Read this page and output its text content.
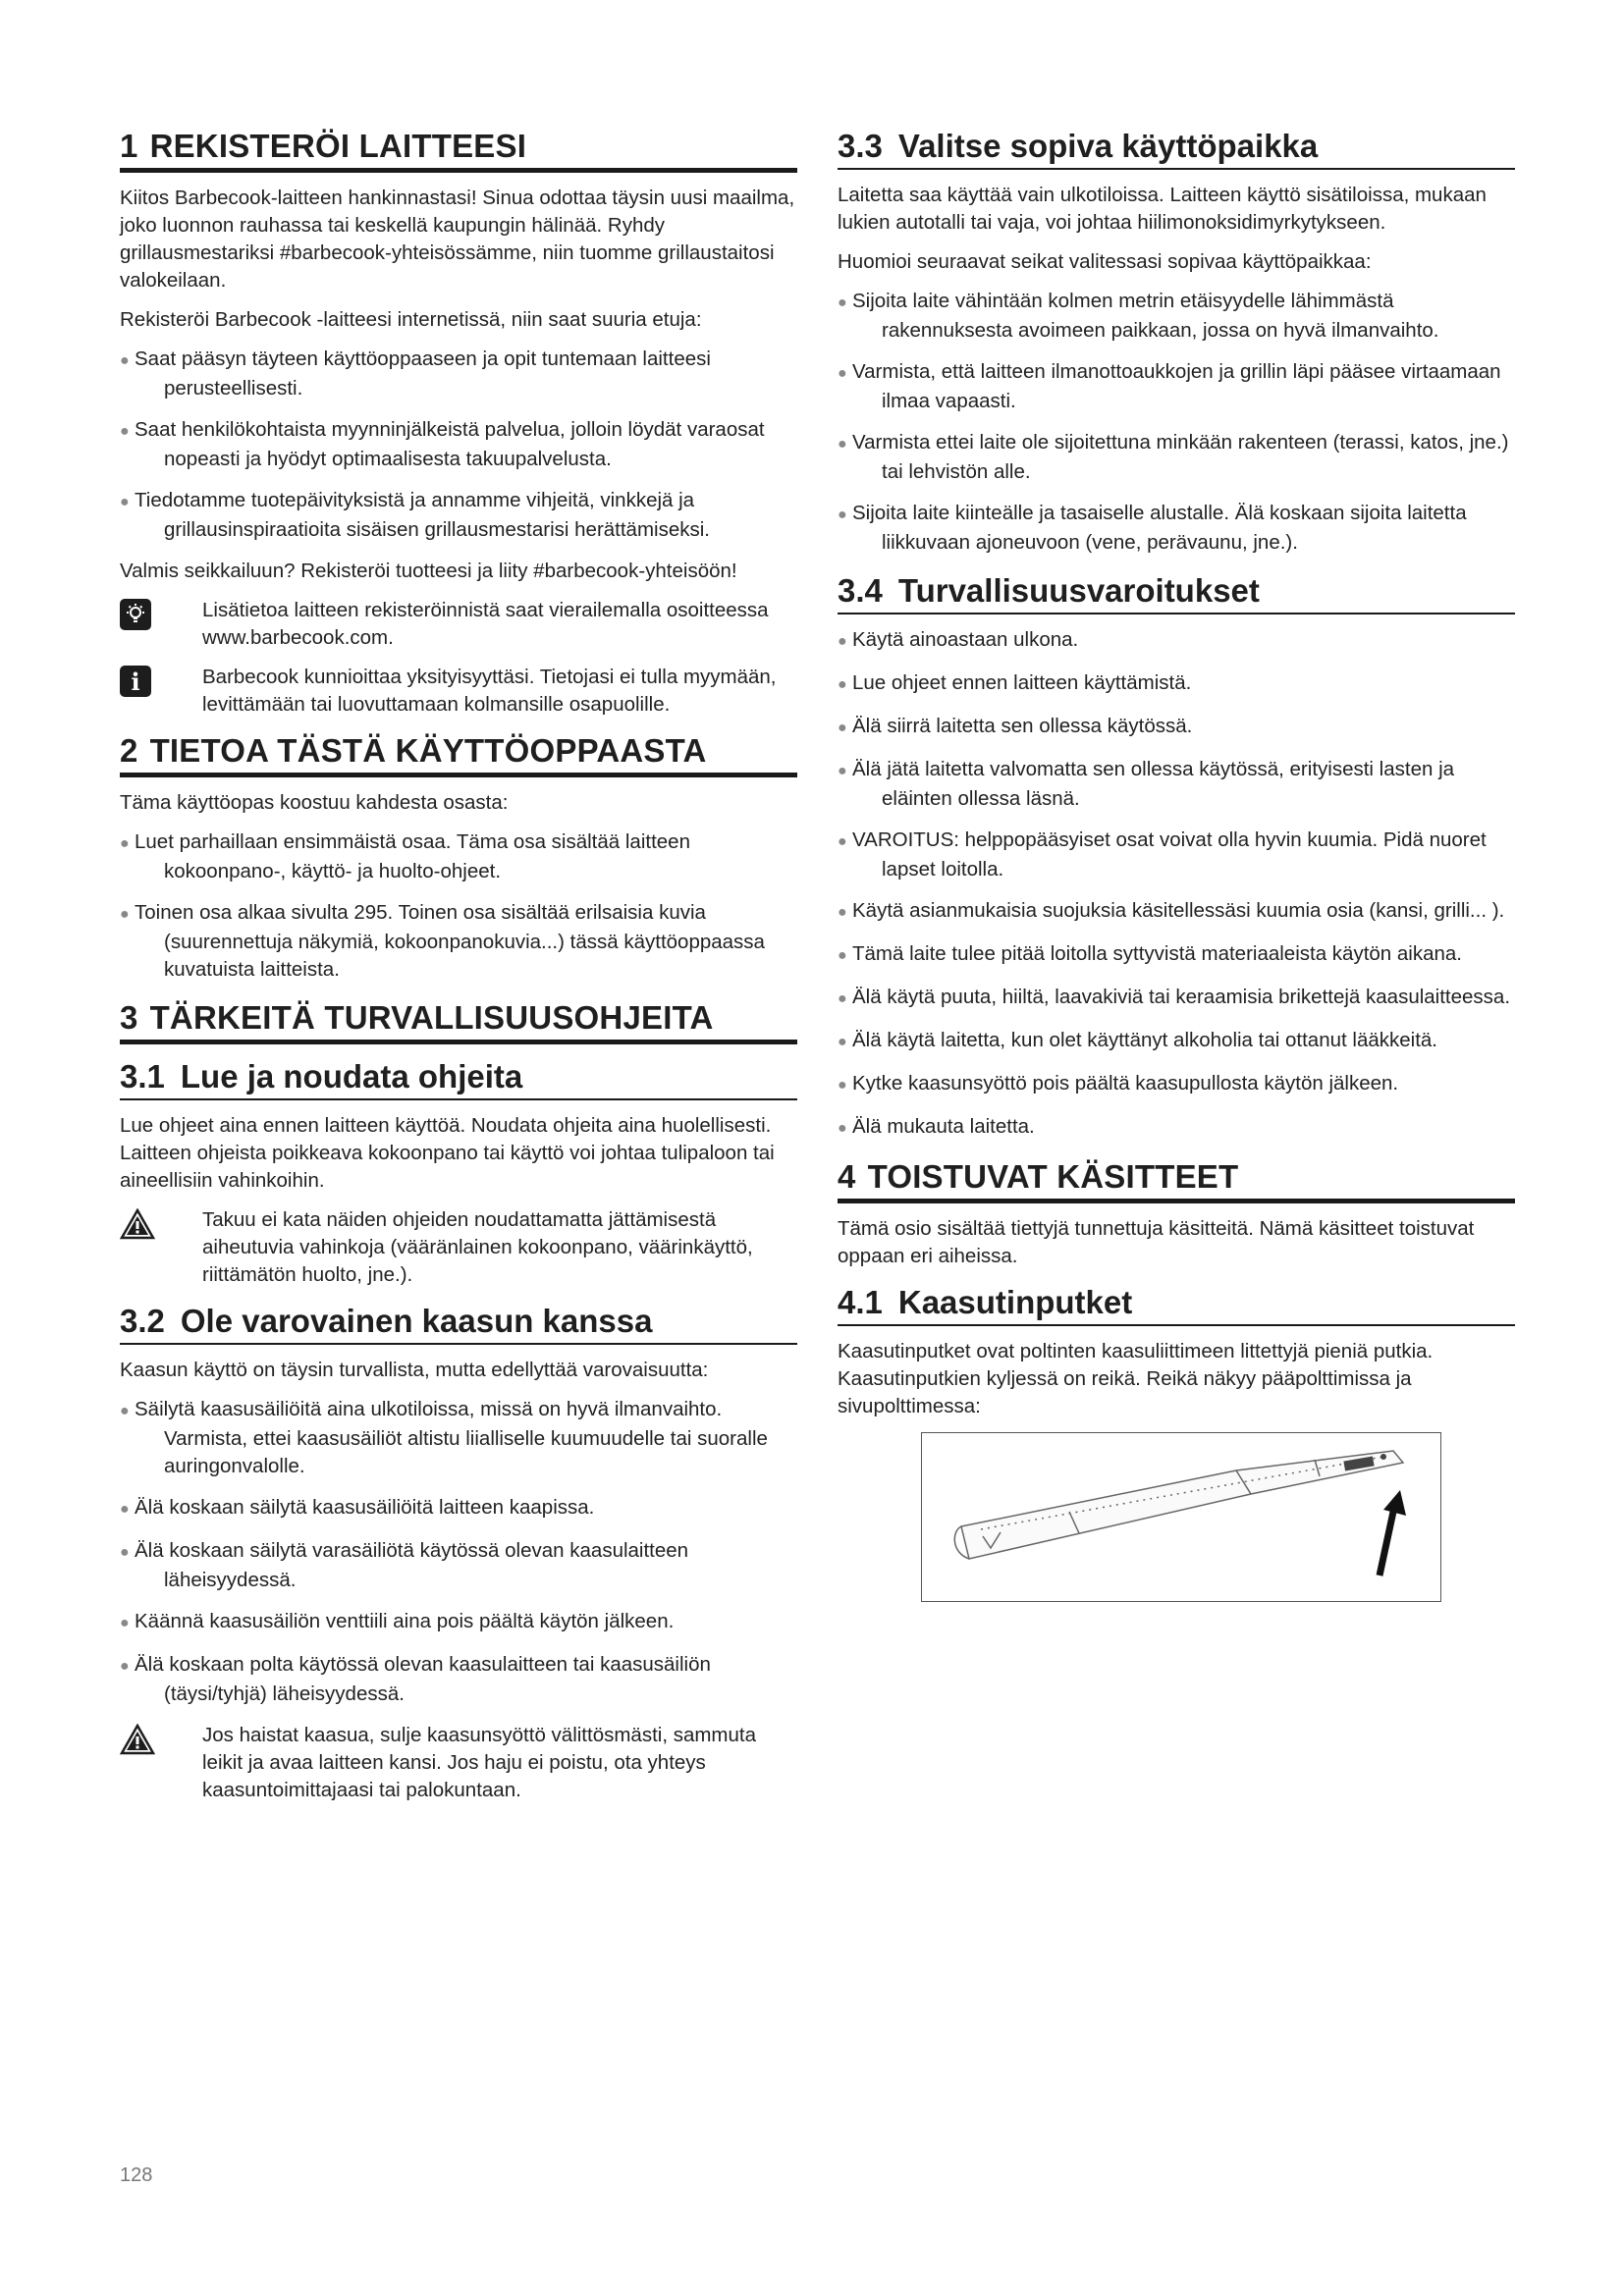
1 REKISTERÖI LAITTEESI

Kiitos Barbecook-laitteen hankinnastasi! Sinua odottaa täysin uusi maailma, joko luonnon rauhassa tai keskellä kaupungin hälinää. Ryhdy grillausmestariksi #barbecook-yhteisössämme, niin tuomme grillaustaitosi valokeilaan.

Rekisteröi Barbecook -laitteesi internetissä, niin saat suuria etuja:

● Saat pääsyn täyteen käyttöoppaaseen ja opit tuntemaan laitteesi perusteellisesti.
● Saat henkilökohtaista myynninjälkeistä palvelua, jolloin löydät varaosat nopeasti ja hyödyt optimaalisesta takuupalvelusta.
● Tiedotamme tuotepäivityksistä ja annamme vihjeitä, vinkkejä ja grillausinspiraatioita sisäisen grillausmestarisi herättämiseksi.

Valmis seikkailuun? Rekisteröi tuotteesi ja liity #barbecook-yhteisöön!

Lisätietoa laitteen rekisteröinnistä saat vierailemalla osoitteessa www.barbecook.com.
i	Barbecook kunnioittaa yksityisyyttäsi. Tietojasi ei tulla myymään, levittämään tai luovuttamaan kolmansille osapuolille.
2 TIETOA TÄSTÄ KÄYTTÖOPPAASTA

Täma käyttöopas koostuu kahdesta osasta:

● Luet parhaillaan ensimmäistä osaa. Täma osa sisältää laitteen kokoonpano-, käyttö- ja huolto-ohjeet.
● Toinen osa alkaa sivulta 295. Toinen osa sisältää erilsaisia kuvia (suurennettuja näkymiä, kokoonpanokuvia...) tässä käyttöoppaassa kuvatuista laitteista.
3 TÄRKEITÄ TURVALLISUUSOHJEITA
3.1 Lue ja noudata ohjeita

Lue ohjeet aina ennen laitteen käyttöä. Noudata ohjeita aina huolellisesti. Laitteen ohjeista poikkeava kokoonpano tai käyttö voi johtaa tulipaloon tai aineellisiin vahinkoihin.

Takuu ei kata näiden ohjeiden noudattamatta jättämisestä aiheutuvia vahinkoja (vääränlainen kokoonpano, väärinkäyttö, riittämätön huolto, jne.).
3.2 Ole varovainen kaasun kanssa

Kaasun käyttö on täysin turvallista, mutta edellyttää varovaisuutta:

● Säilytä kaasusäiliöitä aina ulkotiloissa, missä on hyvä ilmanvaihto. Varmista, ettei kaasusäiliöt altistu liialliselle kuumuudelle tai suoralle auringonvalolle.
● Älä koskaan säilytä kaasusäiliöitä laitteen kaapissa.
● Älä koskaan säilytä varasäiliötä käytössä olevan kaasulaitteen läheisyydessä.
● Käännä kaasusäiliön venttiili aina pois päältä käytön jälkeen.
● Älä koskaan polta käytössä olevan kaasulaitteen tai kaasusäiliön (täysi/tyhjä) läheisyydessä.
Jos haistat kaasua, sulje kaasunsyöttö välittösmästi, sammuta leikit ja avaa laitteen kansi. Jos haju ei poistu, ota yhteys kaasuntoimittajaasi tai palokuntaan.
3.3 Valitse sopiva käyttöpaikka

Laitetta saa käyttää vain ulkotiloissa. Laitteen käyttö sisätiloissa, mukaan lukien autotalli tai vaja, voi johtaa hiilimonoksidimyrkytykseen.

Huomioi seuraavat seikat valitessasi sopivaa käyttöpaikkaa:

● Sijoita laite vähintään kolmen metrin etäisyydelle lähimmästä rakennuksesta avoimeen paikkaan, jossa on hyvä ilmanvaihto.
● Varmista, että laitteen ilmanottoaukkojen ja grillin läpi pääsee virtaamaan ilmaa vapaasti.
● Varmista ettei laite ole sijoitettuna minkään rakenteen (terassi, katos, jne.) tai lehvistön alle.
● Sijoita laite kiinteälle ja tasaiselle alustalle. Älä koskaan sijoita laitetta liikkuvaan ajoneuvoon (vene, perävaunu, jne.).
3.4 Turvallisuusvaroitukset
● Käytä ainoastaan ulkona.
● Lue ohjeet ennen laitteen käyttämistä.
● Älä siirrä laitetta sen ollessa käytössä.
● Älä jätä laitetta valvomatta sen ollessa käytössä, erityisesti lasten ja eläinten ollessa läsnä.
● VAROITUS: helppopääsyiset osat voivat olla hyvin kuumia. Pidä nuoret lapset loitolla.
● Käytä asianmukaisia suojuksia käsitellessäsi kuumia osia (kansi, grilli... ).
● Tämä laite tulee pitää loitolla syttyvistä materiaaleista käytön aikana.
● Älä käytä puuta, hiiltä, laavakiviä tai keraamisia brikettejä kaasulaitteessa.
● Älä käytä laitetta, kun olet käyttänyt alkoholia tai ottanut lääkkeitä.
● Kytke kaasunsyöttö pois päältä kaasupullosta käytön jälkeen.
● Älä mukauta laitetta.
4 TOISTUVAT KÄSITTEET

Tämä osio sisältää tiettyjä tunnettuja käsitteitä. Nämä käsitteet toistuvat oppaan eri aiheissa.

4.1 Kaasutinputket

Kaasutinputket ovat poltinten kaasuliittimeen littettyjä pieniä putkia. Kaasutinputkien kyljessä on reikä. Reikä näkyy pääpolttimissa ja sivupolttimessa:

128
